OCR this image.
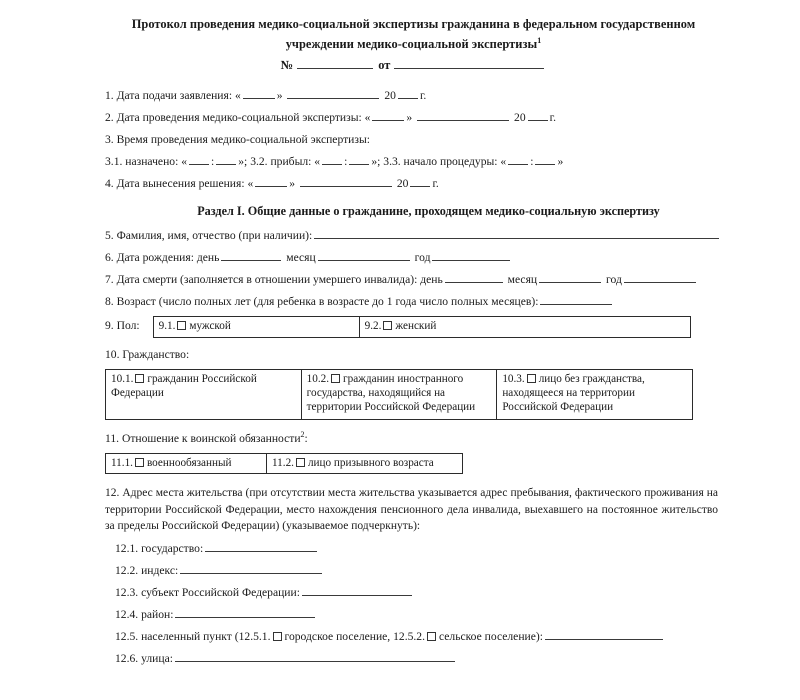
Протокол проведения медико-социальной экспертизы гражданина в федеральном государственном
учреждении медико-социальной экспертизы$^1$
№	от
1. Дата подачи заявления: «	»	20 г.
2. Дата проведения медико-социальной экспертизы: «	»	20 г.
3. Время проведения медико-социальной экспертизы:
3.1. назначено: « : »; 3.2. прибыл: « : »; 3.3. начало процедуры: « : »
4. Дата вынесения решения: «	»	20 г.
Раздел I. Общие данные о гражданине, проходящем медико-социальную экспертизу
5. Фамилия, имя, отчество (при наличии):
6. Дата рождения: день	месяц	год
7. Дата смерти (заполняется в отношении умершего инвалида): день	месяц	год
8. Возраст (число полных лет (для ребенка в возрасте до 1 года число полных месяцев):
9. Пол: 9.1. мужской	9.2. женский
10. Гражданство:
10.1. гражданин Российской Федерации	10.2. гражданин иностранного государства, находящийся на территории Российской Федерации	10.3. лицо без гражданства, находящееся на территории Российской Федерации
11. Отношение к воинской обязанности$^2$:
11.1. военнообязанный	11.2. лицо призывного возраста
12. Адрес места жительства (при отсутствии места жительства указывается адрес пребывания, фактического проживания на территории Российской Федерации, место нахождения пенсионного дела инвалида, выехавшего на постоянное жительство за пределы Российской Федерации) (указываемое подчеркнуть):
12.1. государство:
12.2. индекс:
12.3. субъект Российской Федерации:
12.4. район:
12.5. населенный пункт (12.5.1. городское поселение, 12.5.2. сельское поселение):
12.6. улица:
